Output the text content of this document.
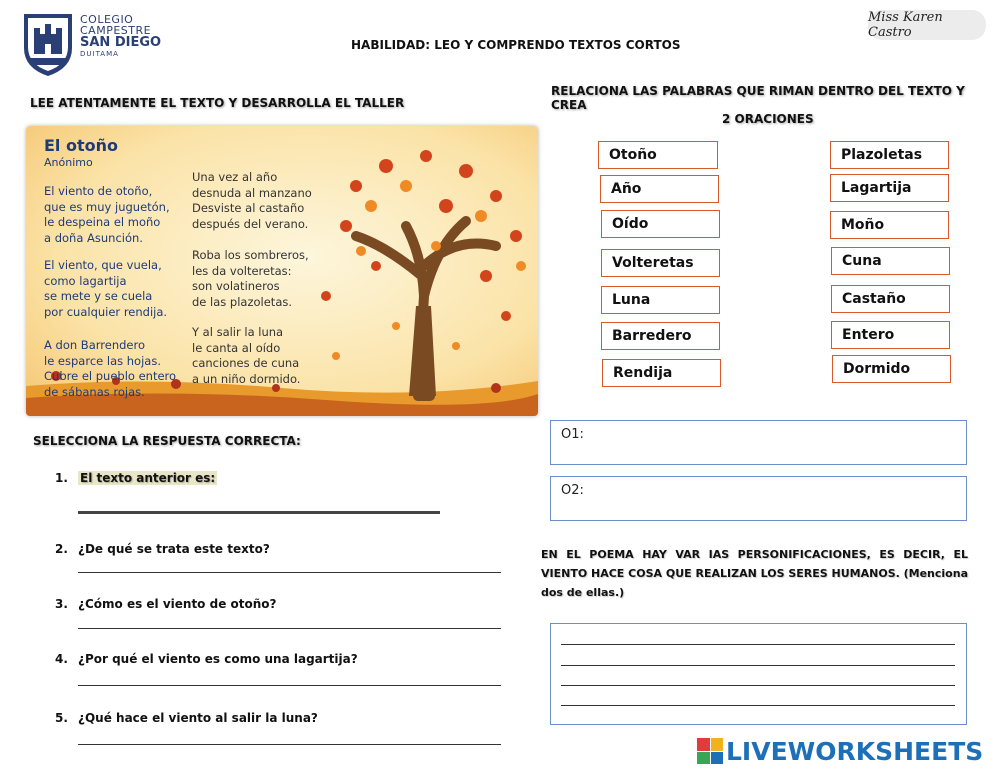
COLEGIO
CAMPESTRE
SAN DIEGO
DUITAMA
HABILIDAD: LEO Y COMPRENDO TEXTOS CORTOS
Miss Karen Castro
LEE ATENTAMENTE EL TEXTO Y DESARROLLA EL TALLER
RELACIONA LAS PALABRAS QUE RIMAN DENTRO DEL TEXTO Y CREA
2 ORACIONES
El otoño
Anónimo
El viento de otoño,
que es muy juguetón,
le despeina el moño
a doña Asunción.
El viento, que vuela,
como lagartija
se mete y se cuela
por cualquier rendija.
A don Barrendero
le esparce las hojas.
Cubre el pueblo entero
de sábanas rojas.
Una vez al año
desnuda al manzano
Desviste al castaño
después del verano.
Roba los sombreros,
les da volteretas:
son volatineros
de las plazoletas.
Y al salir la luna
le canta al oído
canciones de cuna
a un niño dormido.
SELECCIONA LA RESPUESTA CORRECTA:
1. El texto anterior es:
2. ¿De qué se trata este texto?
3. ¿Cómo es el viento de otoño?
4. ¿Por qué el viento es como una lagartija?
5. ¿Qué hace el viento al salir la luna?
Otoño
Año
Oído
Volteretas
Luna
Barredero
Rendija
Plazoletas
Lagartija
Moño
Cuna
Castaño
Entero
Dormido
O1:
O2:
EN EL POEMA HAY VAR IAS PERSONIFICACIONES, ES DECIR, EL VIENTO HACE COSA QUE REALIZAN LOS SERES HUMANOS. (Menciona dos de ellas.)
LIVEWORKSHEETS
